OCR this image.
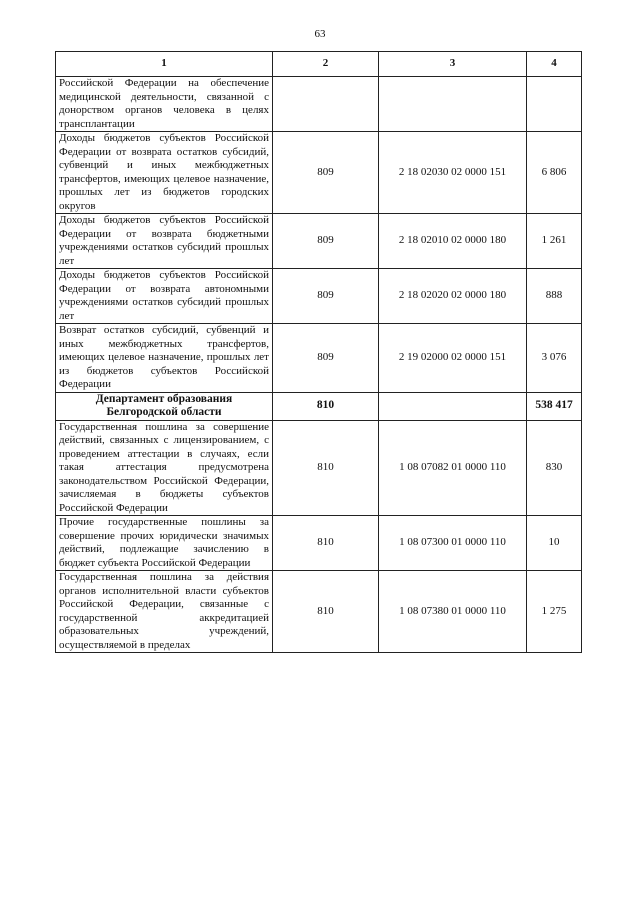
63
1	2	3	4
Российской Федерации на обеспечение медицинской деятельности, связанной с донорством органов человека в целях трансплантации			
Доходы бюджетов субъектов Российской Федерации от возврата остатков субсидий, субвенций и иных межбюджетных трансфертов, имеющих целевое назначение, прошлых лет из бюджетов городских округов	809	2 18 02030 02 0000 151	6 806
Доходы бюджетов субъектов Российской Федерации от возврата бюджетными учреждениями остатков субсидий прошлых лет	809	2 18 02010 02 0000 180	1 261
Доходы бюджетов субъектов Российской Федерации от возврата автономными учреждениями остатков субсидий прошлых лет	809	2 18 02020 02 0000 180	888
Возврат остатков субсидий, субвенций и иных межбюджетных трансфертов, имеющих целевое назначение, прошлых лет из бюджетов субъектов Российской Федерации	809	2 19 02000 02 0000 151	3 076
Департамент образования Белгородской области	810		538 417
Государственная пошлина за совершение действий, связанных с лицензированием, с проведением аттестации в случаях, если такая аттестация предусмотрена законодательством Российской Федерации, зачисляемая в бюджеты субъектов Российской Федерации	810	1 08 07082 01 0000 110	830
Прочие государственные пошлины за совершение прочих юридически значимых действий, подлежащие зачислению в бюджет субъекта Российской Федерации	810	1 08 07300 01 0000 110	10
Государственная пошлина за действия органов исполнительной власти субъектов Российской Федерации, связанные с государственной аккредитацией образовательных учреждений, осуществляемой в пределах	810	1 08 07380 01 0000 110	1 275
